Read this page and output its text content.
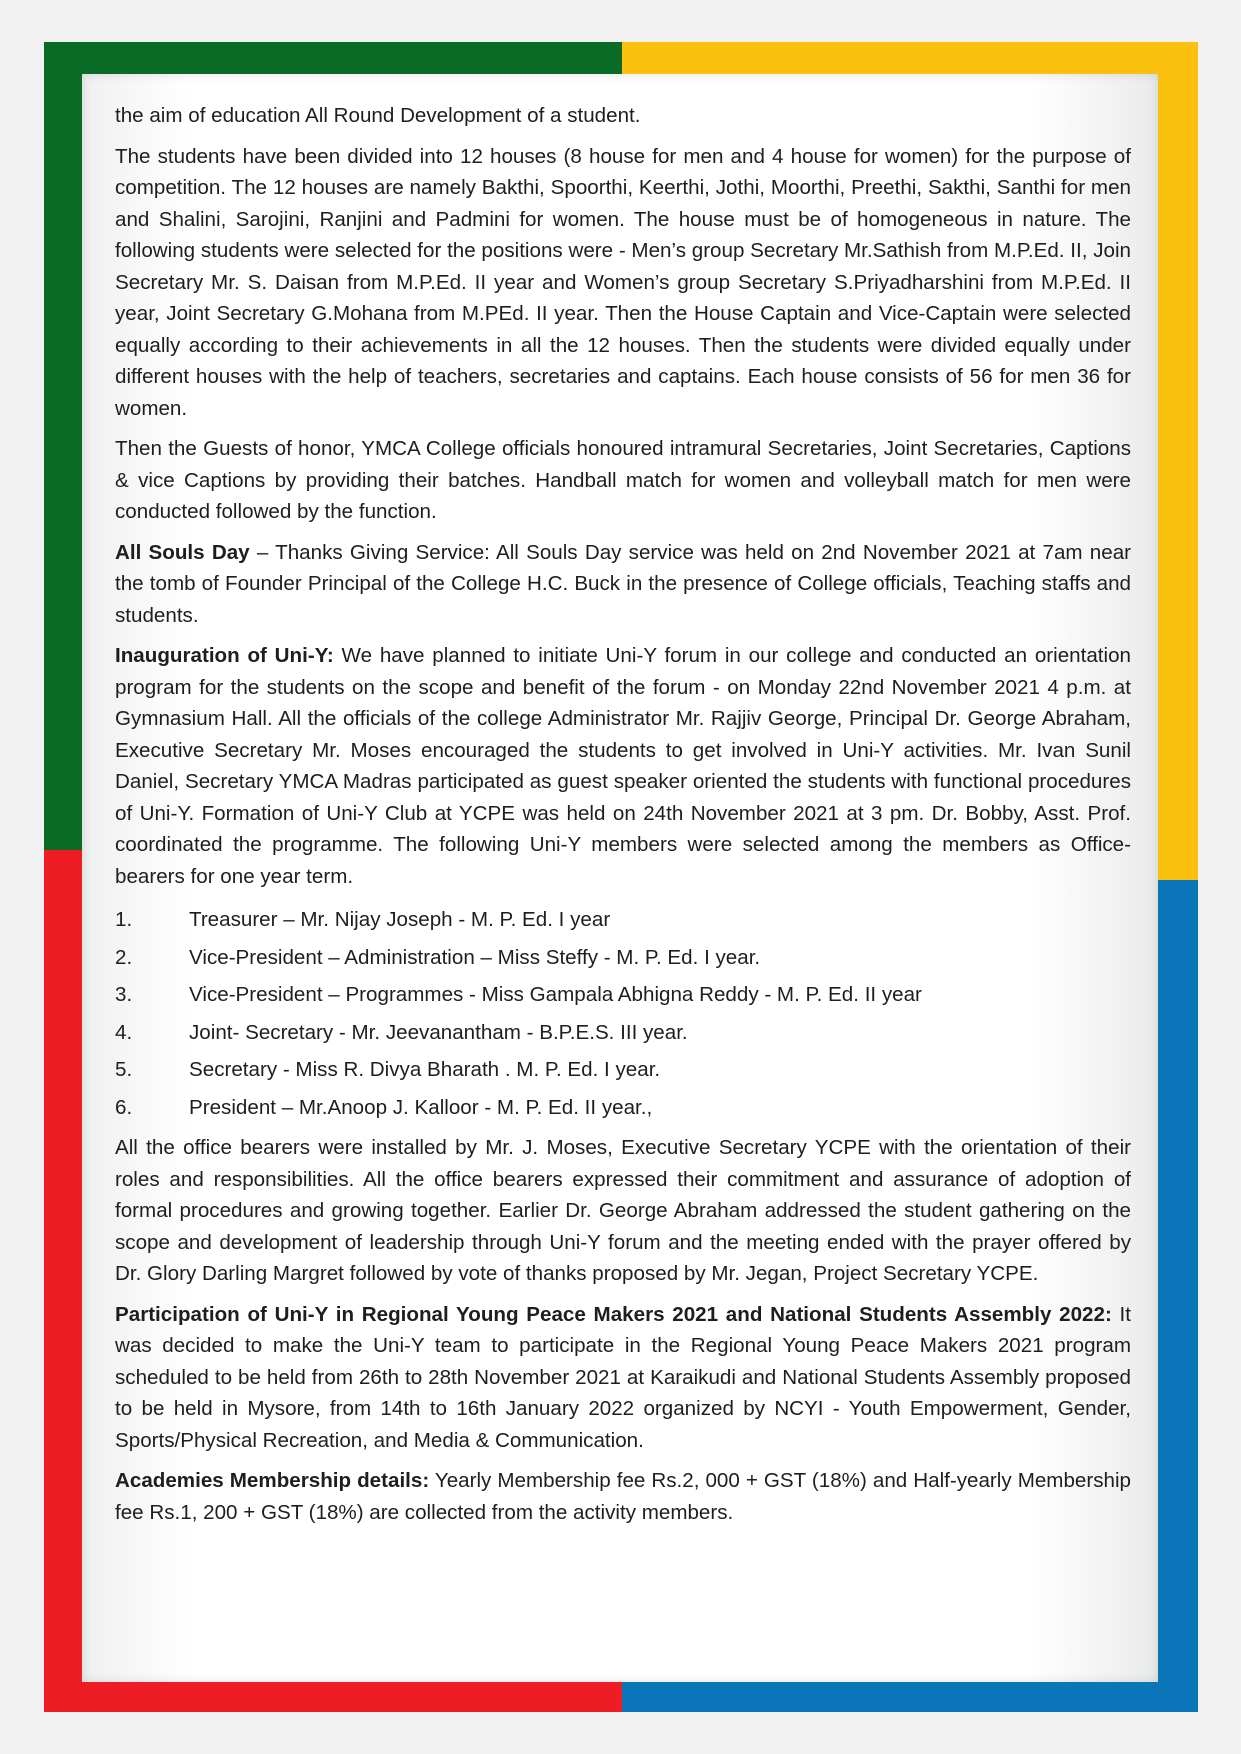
the aim of education All Round Development of a student.

The students have been divided into 12 houses (8 house for men and 4 house for women) for the purpose of competition. The 12 houses are namely Bakthi, Spoorthi, Keerthi, Jothi, Moorthi, Preethi, Sakthi, Santhi for men and Shalini, Sarojini, Ranjini and Padmini for women. The house must be of homogeneous in nature. The following students were selected for the positions were - Men’s group Secretary Mr.Sathish from M.P.Ed. II, Join Secretary Mr. S. Daisan from M.P.Ed. II year and Women’s group Secretary S.Priyadharshini from M.P.Ed. II year, Joint Secretary G.Mohana from M.PEd. II year. Then the House Captain and Vice-Captain were selected equally according to their achievements in all the 12 houses. Then the students were divided equally under different houses with the help of teachers, secretaries and captains. Each house consists of 56 for men 36 for women.

Then the Guests of honor, YMCA College officials honoured intramural Secretaries, Joint Secretaries, Captions & vice Captions by providing their batches. Handball match for women and volleyball match for men were conducted followed by the function.

All Souls Day – Thanks Giving Service: All Souls Day service was held on 2nd November 2021 at 7am near the tomb of Founder Principal of the College H.C. Buck in the presence of College officials, Teaching staffs and students.

Inauguration of Uni-Y: We have planned to initiate Uni-Y forum in our college and conducted an orientation program for the students on the scope and benefit of the forum - on Monday 22nd November 2021 4 p.m. at Gymnasium Hall. All the officials of the college Administrator Mr. Rajjiv George, Principal Dr. George Abraham, Executive Secretary Mr. Moses encouraged the students to get involved in Uni-Y activities. Mr. Ivan Sunil Daniel, Secretary YMCA Madras participated as guest speaker oriented the students with functional procedures of Uni-Y. Formation of Uni-Y Club at YCPE was held on 24th November 2021 at 3 pm. Dr. Bobby, Asst. Prof. coordinated the programme. The following Uni-Y members were selected among the members as Office-bearers for one year term.

1.	Treasurer – Mr. Nijay Joseph - M. P. Ed. I year
2.	Vice-President – Administration – Miss Steffy - M. P. Ed. I year.
3.	Vice-President – Programmes - Miss Gampala Abhigna Reddy - M. P. Ed. II year
4.	Joint- Secretary - Mr. Jeevanantham - B.P.E.S. III year.
5.	Secretary - Miss R. Divya Bharath . M. P. Ed. I year.
6.	President – Mr.Anoop J. Kalloor - M. P. Ed. II year.,

All the office bearers were installed by Mr. J. Moses, Executive Secretary YCPE with the orientation of their roles and responsibilities. All the office bearers expressed their commitment and assurance of adoption of formal procedures and growing together. Earlier Dr. George Abraham addressed the student gathering on the scope and development of leadership through Uni-Y forum and the meeting ended with the prayer offered by Dr. Glory Darling Margret followed by vote of thanks proposed by Mr. Jegan, Project Secretary YCPE.

Participation of Uni-Y in Regional Young Peace Makers 2021 and National Students Assembly 2022: It was decided to make the Uni-Y team to participate in the Regional Young Peace Makers 2021 program scheduled to be held from 26th to 28th November 2021 at Karaikudi and National Students Assembly proposed to be held in Mysore, from 14th to 16th January 2022 organized by NCYI - Youth Empowerment, Gender, Sports/Physical Recreation, and Media & Communication.

Academies Membership details: Yearly Membership fee Rs.2, 000 + GST (18%) and Half-yearly Membership fee Rs.1, 200 + GST (18%) are collected from the activity members.
